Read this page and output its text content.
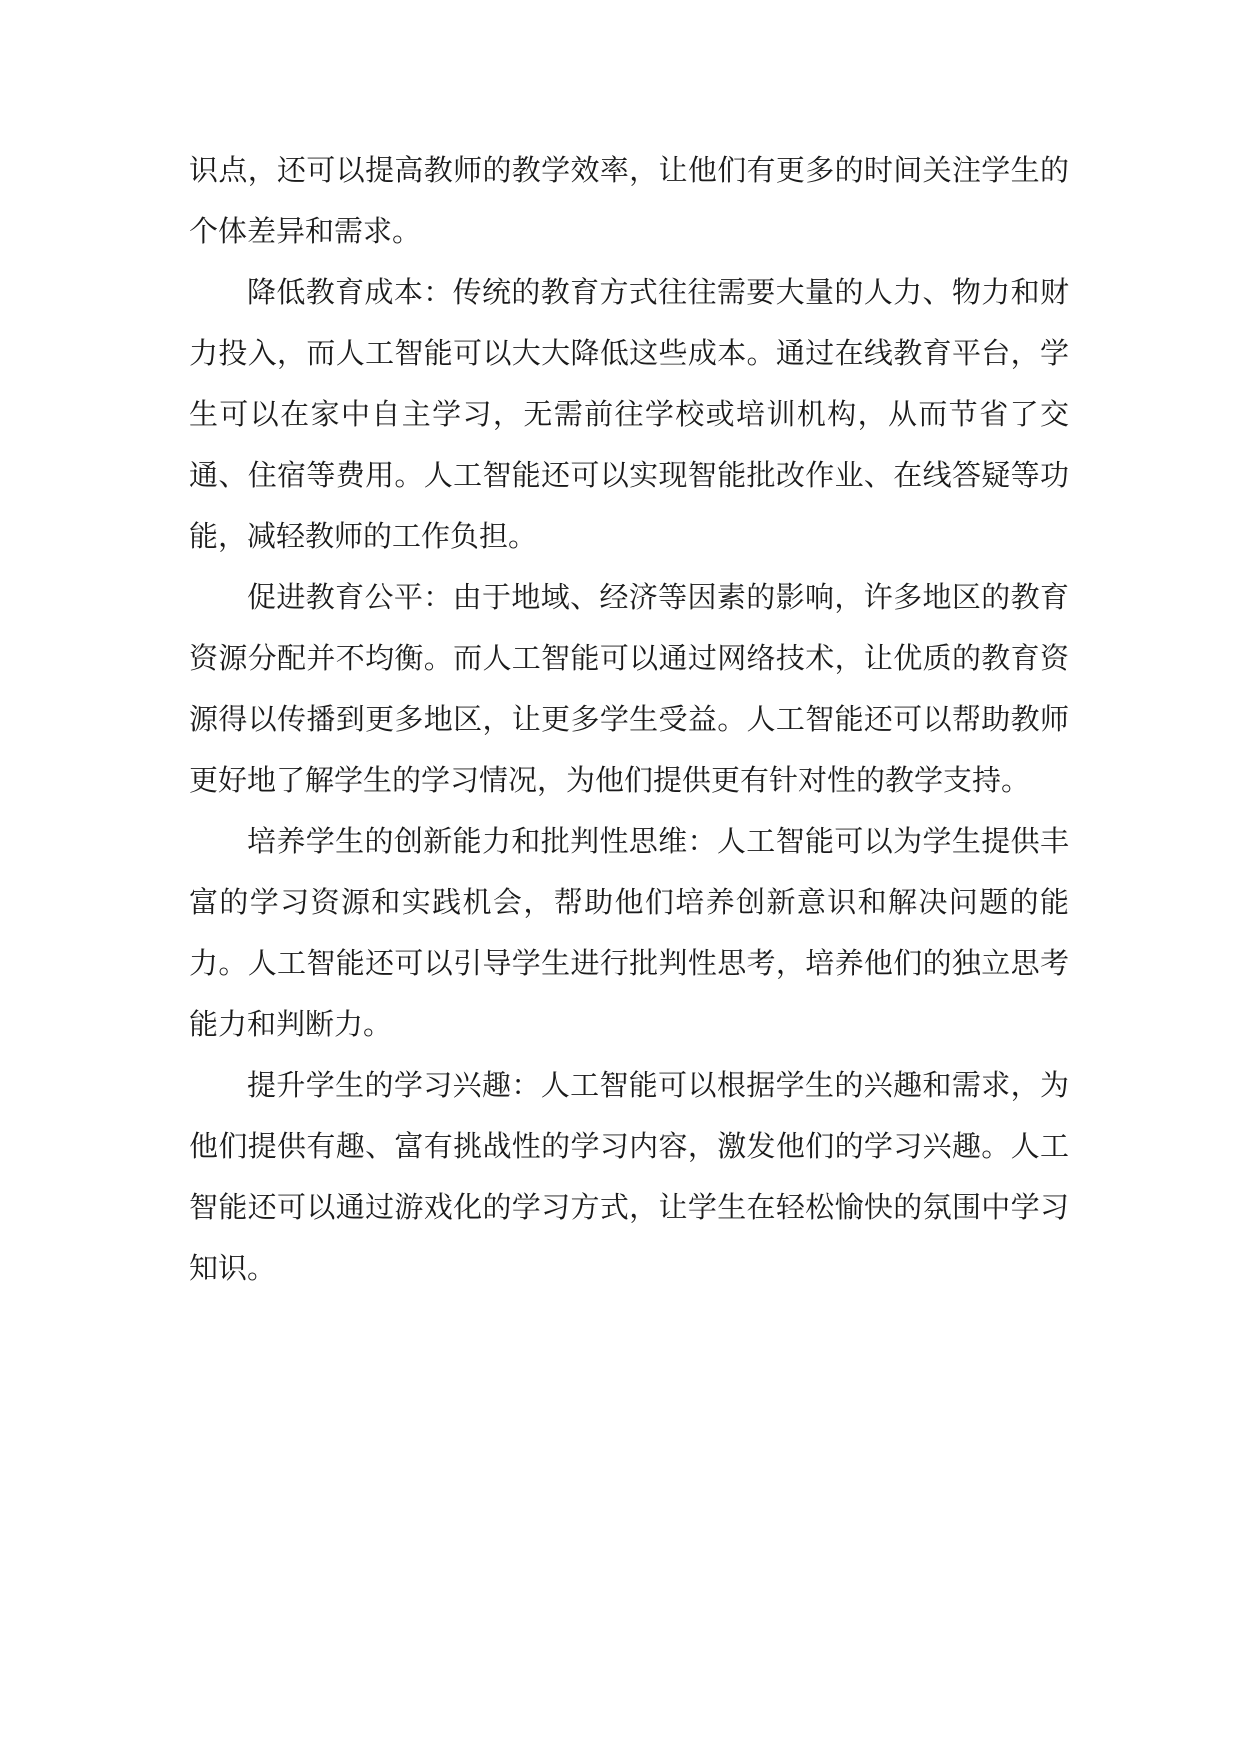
识点，还可以提高教师的教学效率，让他们有更多的时间关注学生的个体差异和需求。

降低教育成本：传统的教育方式往往需要大量的人力、物力和财力投入，而人工智能可以大大降低这些成本。通过在线教育平台，学生可以在家中自主学习，无需前往学校或培训机构，从而节省了交通、住宿等费用。人工智能还可以实现智能批改作业、在线答疑等功能，减轻教师的工作负担。

促进教育公平：由于地域、经济等因素的影响，许多地区的教育资源分配并不均衡。而人工智能可以通过网络技术，让优质的教育资源得以传播到更多地区，让更多学生受益。人工智能还可以帮助教师更好地了解学生的学习情况，为他们提供更有针对性的教学支持。

培养学生的创新能力和批判性思维：人工智能可以为学生提供丰富的学习资源和实践机会，帮助他们培养创新意识和解决问题的能力。人工智能还可以引导学生进行批判性思考，培养他们的独立思考能力和判断力。

提升学生的学习兴趣：人工智能可以根据学生的兴趣和需求，为他们提供有趣、富有挑战性的学习内容，激发他们的学习兴趣。人工智能还可以通过游戏化的学习方式，让学生在轻松愉快的氛围中学习知识。
